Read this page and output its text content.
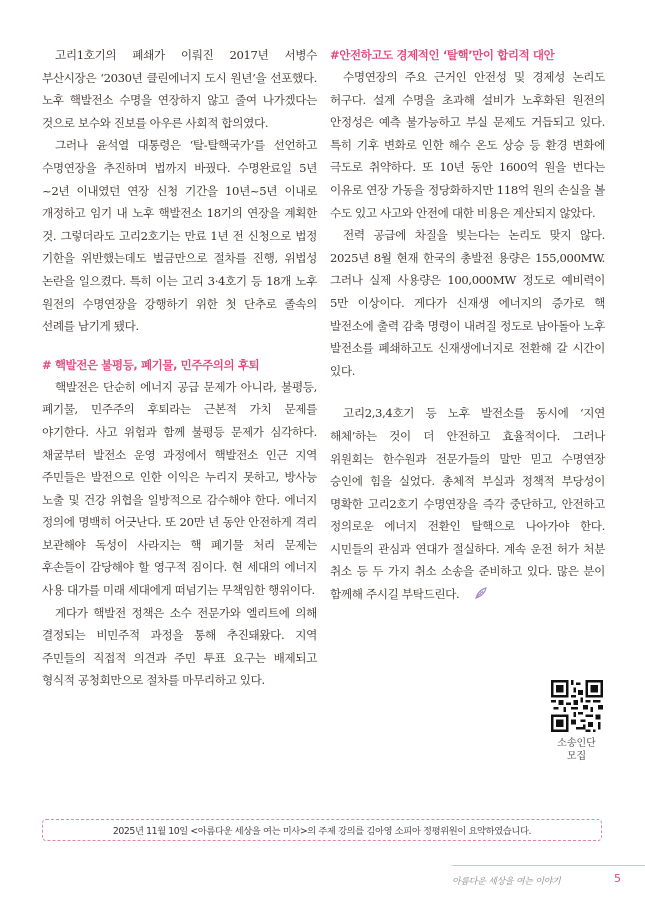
고리1호기의 폐쇄가 이뤄진 2017년 서병수 부산시장은 ‘2030년 클린에너지 도시 원년’을 선포했다. 노후 핵발전소 수명을 연장하지 않고 줄여 나가겠다는 것으로 보수와 진보를 아우른 사회적 합의였다.

그러나 윤석열 대통령은 ‘탈-탈핵국가’를 선언하고 수명연장을 추진하며 법까지 바꿨다. 수명완료일 5년~2년 이내였던 연장 신청 기간을 10년~5년 이내로 개정하고 임기 내 노후 핵발전소 18기의 연장을 계획한 것. 그렇더라도 고리2호기는 만료 1년 전 신청으로 법정 기한을 위반했는데도 벌금만으로 절차를 진행, 위법성 논란을 일으켰다. 특히 이는 고리 3·4호기 등 18개 노후 원전의 수명연장을 강행하기 위한 첫 단추로 졸속의 선례를 남기게 됐다.

# 핵발전은 불평등, 폐기물, 민주주의의 후퇴

핵발전은 단순히 에너지 공급 문제가 아니라, 불평등, 폐기물, 민주주의 후퇴라는 근본적 가치 문제를 야기한다. 사고 위험과 함께 불평등 문제가 심각하다. 채굴부터 발전소 운영 과정에서 핵발전소 인근 지역 주민들은 발전으로 인한 이익은 누리지 못하고, 방사능 노출 및 건강 위협을 일방적으로 감수해야 한다. 에너지 정의에 명백히 어긋난다. 또 20만 년 동안 안전하게 격리 보관해야 독성이 사라지는 핵 폐기물 처리 문제는 후손들이 감당해야 할 영구적 짐이다. 현 세대의 에너지 사용 대가를 미래 세대에게 떠넘기는 무책임한 행위이다.

게다가 핵발전 정책은 소수 전문가와 엘리트에 의해 결정되는 비민주적 과정을 통해 추진돼왔다. 지역 주민들의 직접적 의견과 주민 투표 요구는 배제되고 형식적 공청회만으로 절차를 마무리하고 있다.

#안전하고도 경제적인 ‘탈핵’만이 합리적 대안

수명연장의 주요 근거인 안전성 및 경제성 논리도 허구다. 설계 수명을 초과해 설비가 노후화된 원전의 안정성은 예측 불가능하고 부실 문제도 거듭되고 있다. 특히 기후 변화로 인한 해수 온도 상승 등 환경 변화에 극도로 취약하다. 또 10년 동안 1600억 원을 번다는 이유로 연장 가동을 정당화하지만 118억 원의 손실을 볼 수도 있고 사고와 안전에 대한 비용은 계산되지 않았다.

전력 공급에 차질을 빚는다는 논리도 맞지 않다. 2025년 8월 현재 한국의 총발전 용량은 155,000MW. 그러나 실제 사용량은 100,000MW 정도로 예비력이 5만 이상이다. 게다가 신재생 에너지의 증가로 핵 발전소에 출력 감축 명령이 내려질 정도로 남아돌아 노후 발전소를 폐쇄하고도 신재생에너지로 전환해 갈 시간이 있다.

고리2,3,4호기 등 노후 발전소를 동시에 ‘지연 해체’하는 것이 더 안전하고 효율적이다. 그러나 위원회는 한수원과 전문가들의 말만 믿고 수명연장 승인에 힘을 실었다. 총체적 부실과 정책적 부당성이 명확한 고리2호기 수명연장을 즉각 중단하고, 안전하고 정의로운 에너지 전환인 탈핵으로 나아가야 한다. 시민들의 관심과 연대가 절실하다. 계속 운전 허가 처분 취소 등 두 가지 취소 소송을 준비하고 있다. 많은 분이 함께해 주시길 부탁드린다.

소송인단
모집
2025년 11월 10일 <아름다운 세상을 여는 미사>의 주제 강의를 김아영 소피아 정평위원이 요약하였습니다.
아름다운 세상을 여는 이야기	5
